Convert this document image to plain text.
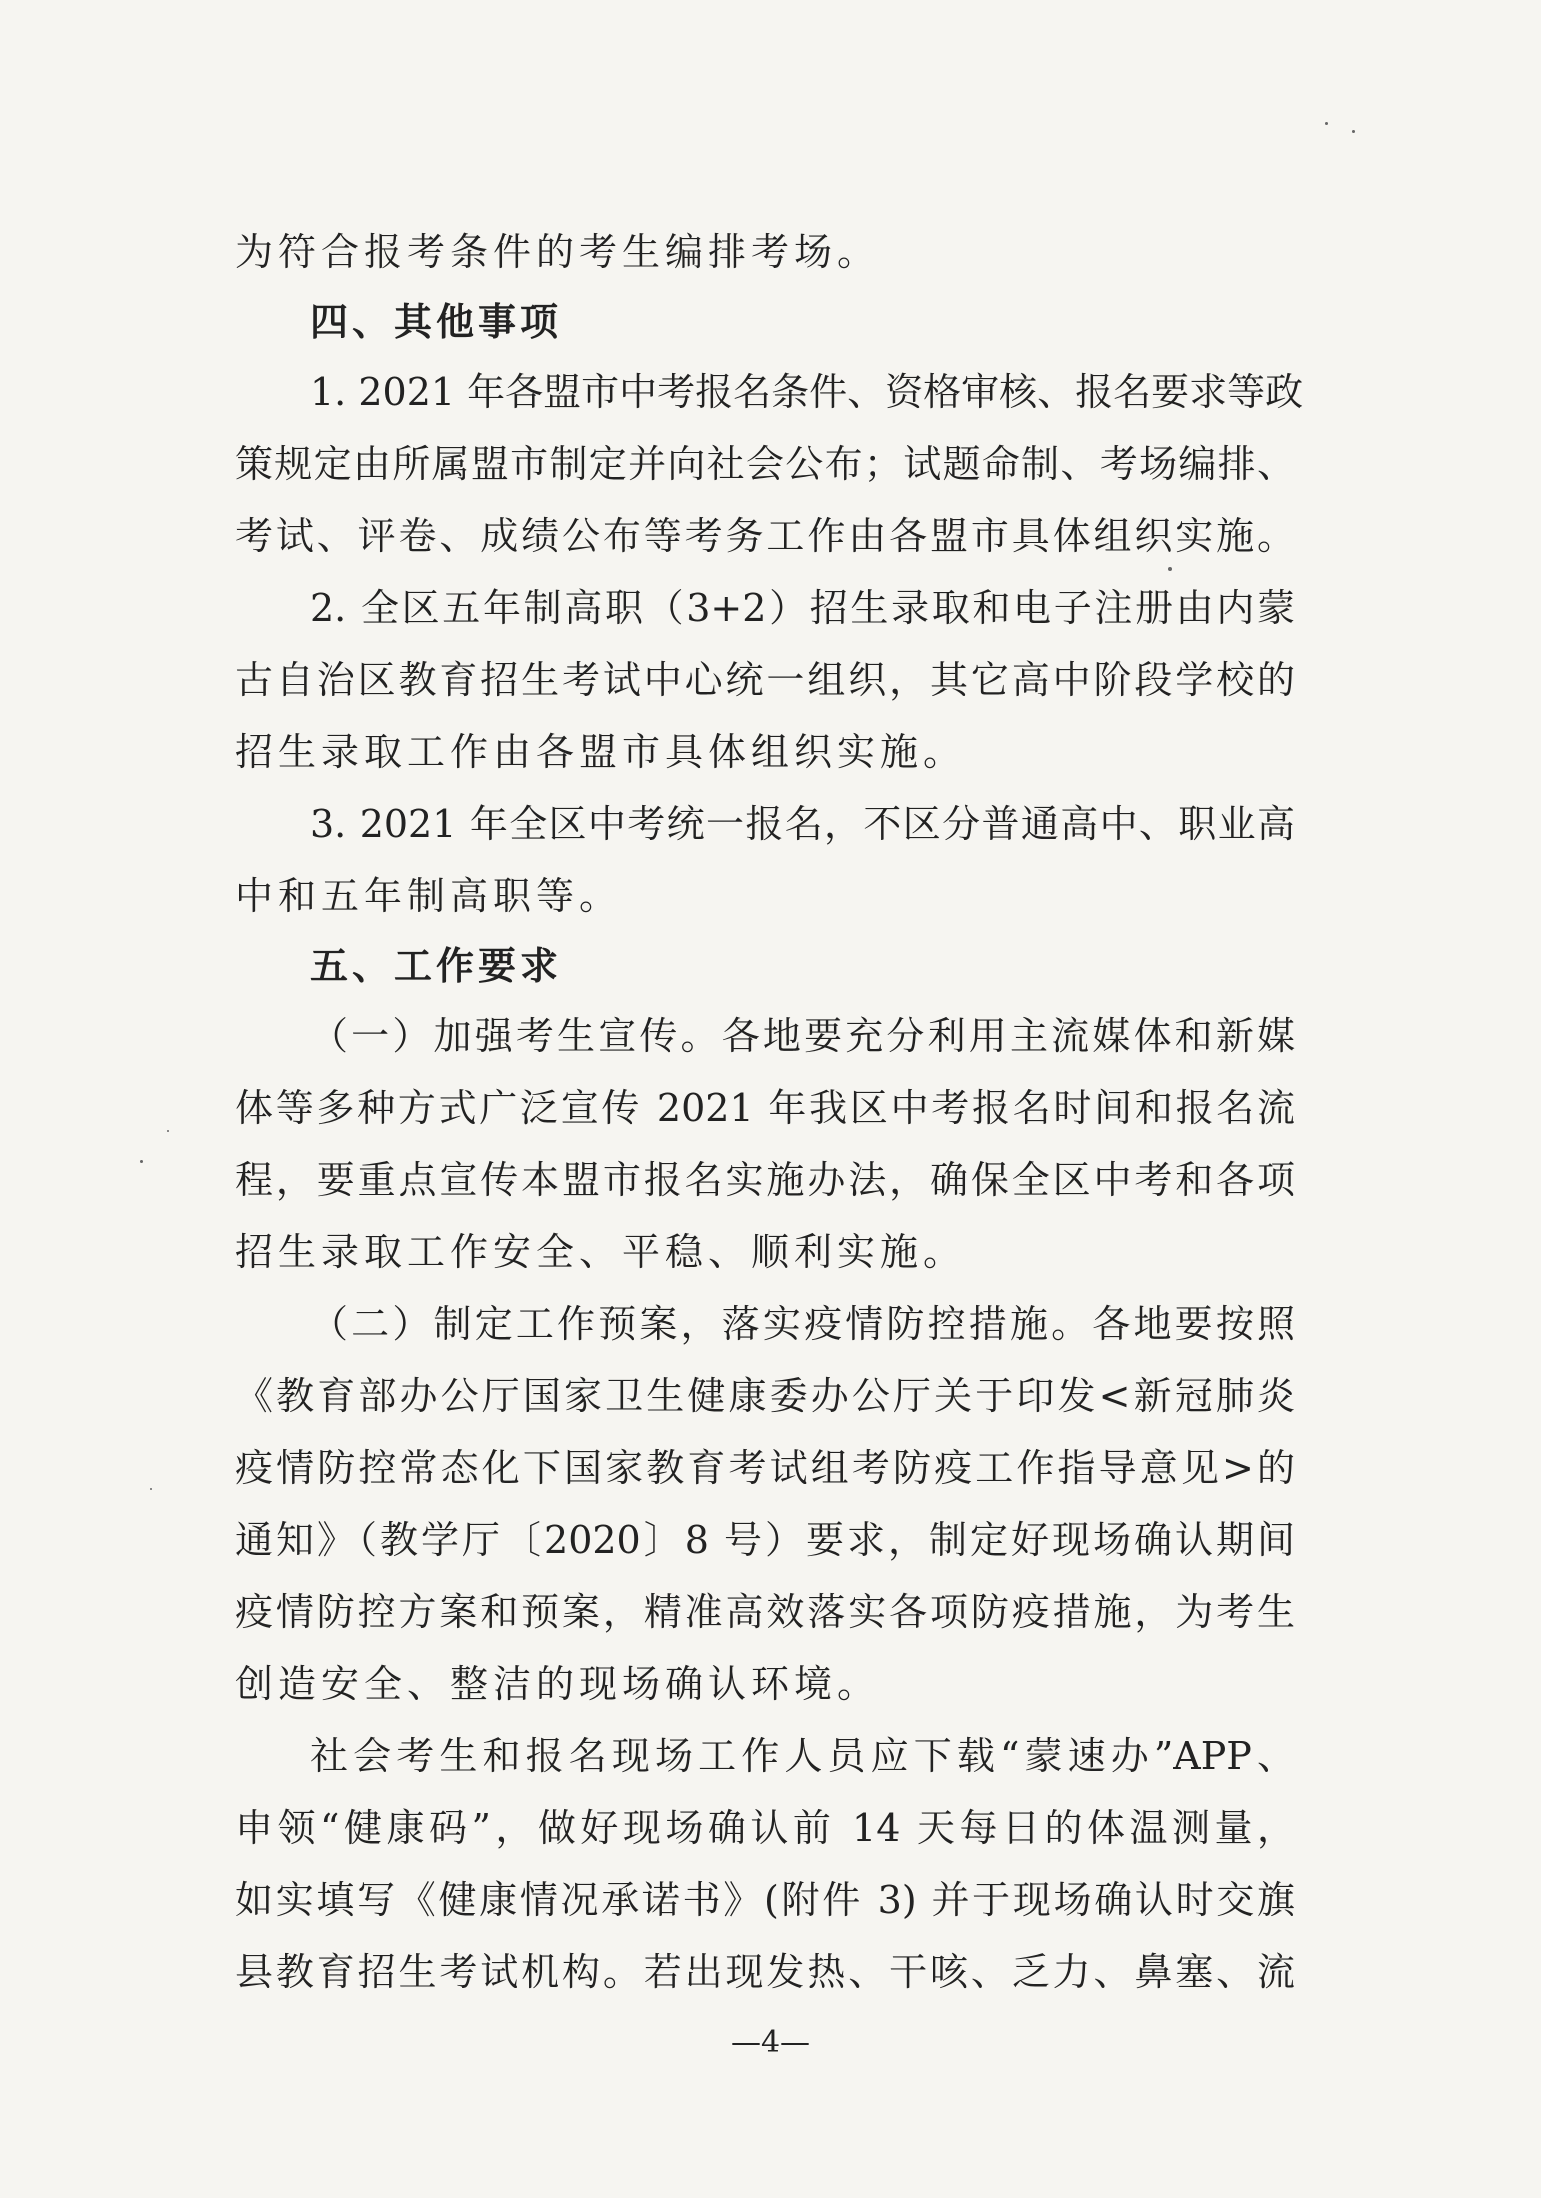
为符合报考条件的考生编排考场。
四、其他事项
1. 2021 年各盟市中考报名条件、资格审核、报名要求等政
策规定由所属盟市制定并向社会公布；试题命制、考场编排、
考试、评卷、成绩公布等考务工作由各盟市具体组织实施。
2. 全区五年制高职（3+2）招生录取和电子注册由内蒙
古自治区教育招生考试中心统一组织，其它高中阶段学校的
招生录取工作由各盟市具体组织实施。
3. 2021 年全区中考统一报名，不区分普通高中、职业高
中和五年制高职等。
五、工作要求
（一）加强考生宣传。各地要充分利用主流媒体和新媒
体等多种方式广泛宣传 2021 年我区中考报名时间和报名流
程，要重点宣传本盟市报名实施办法，确保全区中考和各项
招生录取工作安全、平稳、顺利实施。
（二）制定工作预案，落实疫情防控措施。各地要按照
《教育部办公厅国家卫生健康委办公厅关于印发<新冠肺炎
疫情防控常态化下国家教育考试组考防疫工作指导意见>的
通知》（教学厅〔2020〕8 号）要求，制定好现场确认期间
疫情防控方案和预案，精准高效落实各项防疫措施，为考生
创造安全、整洁的现场确认环境。
社会考生和报名现场工作人员应下载“蒙速办”APP、
申领“健康码”，做好现场确认前 14 天每日的体温测量，
如实填写《健康情况承诺书》(附件 3) 并于现场确认时交旗
县教育招生考试机构。若出现发热、干咳、乏力、鼻塞、流
—4—
